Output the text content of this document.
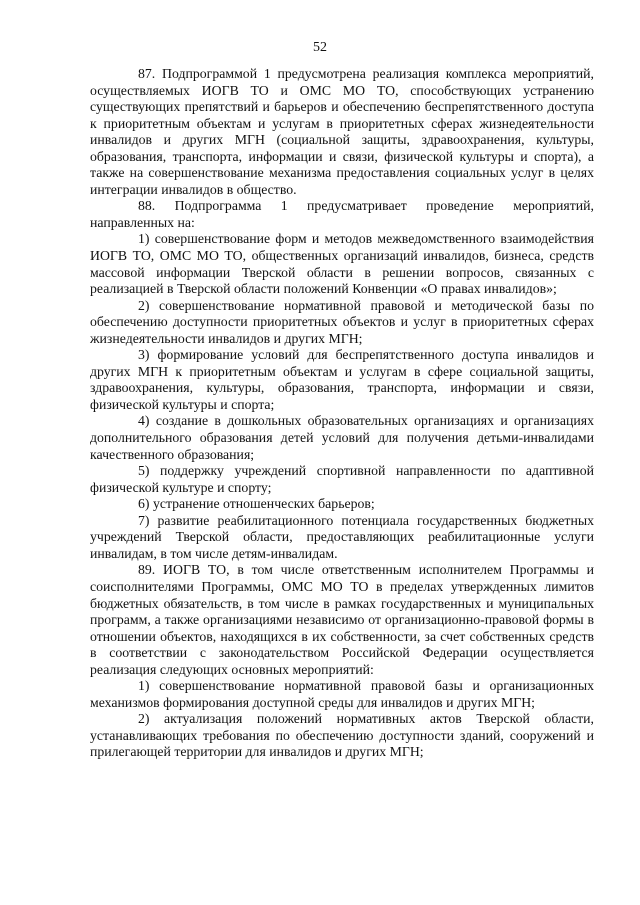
52

87. Подпрограммой 1 предусмотрена реализация комплекса мероприятий, осуществляемых ИОГВ ТО и ОМС МО ТО, способствующих устранению существующих препятствий и барьеров и обеспечению беспрепятственного доступа к приоритетным объектам и услугам в приоритетных сферах жизнедеятельности инвалидов и других МГН (социальной защиты, здравоохранения, культуры, образования, транспорта, информации и связи, физической культуры и спорта), а также на совершенствование механизма предоставления социальных услуг в целях интеграции инвалидов в общество.

88. Подпрограмма 1 предусматривает проведение мероприятий, направленных на:

1) совершенствование форм и методов межведомственного взаимодействия ИОГВ ТО, ОМС МО ТО, общественных организаций инвалидов, бизнеса, средств массовой информации Тверской области в решении вопросов, связанных с реализацией в Тверской области положений Конвенции «О правах инвалидов»;

2) совершенствование нормативной правовой и методической базы по обеспечению доступности приоритетных объектов и услуг в приоритетных сферах жизнедеятельности инвалидов и других МГН;

3) формирование условий для беспрепятственного доступа инвалидов и других МГН к приоритетным объектам и услугам в сфере социальной защиты, здравоохранения, культуры, образования, транспорта, информации и связи, физической культуры и спорта;

4) создание в дошкольных образовательных организациях и организациях дополнительного образования детей условий для получения детьми-инвалидами качественного образования;

5) поддержку учреждений спортивной направленности по адаптивной физической культуре и спорту;

6) устранение отношенческих барьеров;

7) развитие реабилитационного потенциала государственных бюджетных учреждений Тверской области, предоставляющих реабилитационные услуги инвалидам, в том числе детям-инвалидам.

89. ИОГВ ТО, в том числе ответственным исполнителем Программы и соисполнителями Программы, ОМС МО ТО в пределах утвержденных лимитов бюджетных обязательств, в том числе в рамках государственных и муниципальных программ, а также организациями независимо от организационно-правовой формы в отношении объектов, находящихся в их собственности, за счет собственных средств в соответствии с законодательством Российской Федерации осуществляется реализация следующих основных мероприятий:

1) совершенствование нормативной правовой базы и организационных механизмов формирования доступной среды для инвалидов и других МГН;

2) актуализация положений нормативных актов Тверской области, устанавливающих требования по обеспечению доступности зданий, сооружений и прилегающей территории для инвалидов и других МГН;
